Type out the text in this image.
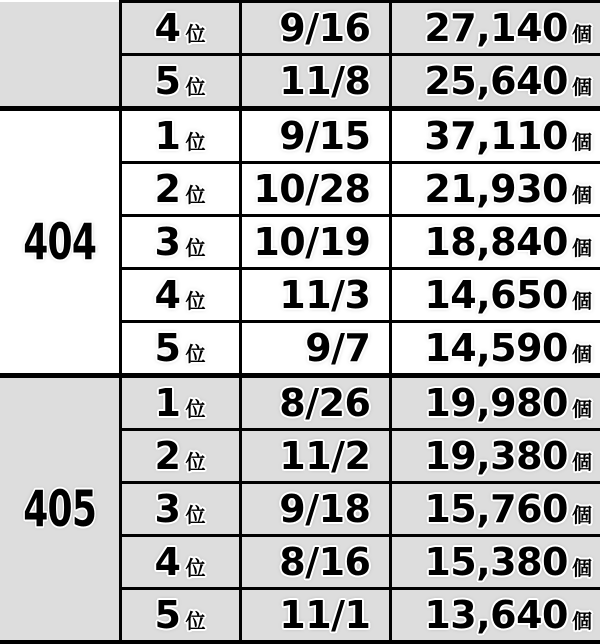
	4 位	9/16	27,140 個
	5 位	11/8	25,640 個
404	1 位	9/15	37,110 個
	2 位	10/28	21,930 個
	3 位	10/19	18,840 個
	4 位	11/3	14,650 個
	5 位	9/7	14,590 個
405	1 位	8/26	19,980 個
	2 位	11/2	19,380 個
	3 位	9/18	15,760 個
	4 位	8/16	15,380 個
	5 位	11/1	13,640 個
